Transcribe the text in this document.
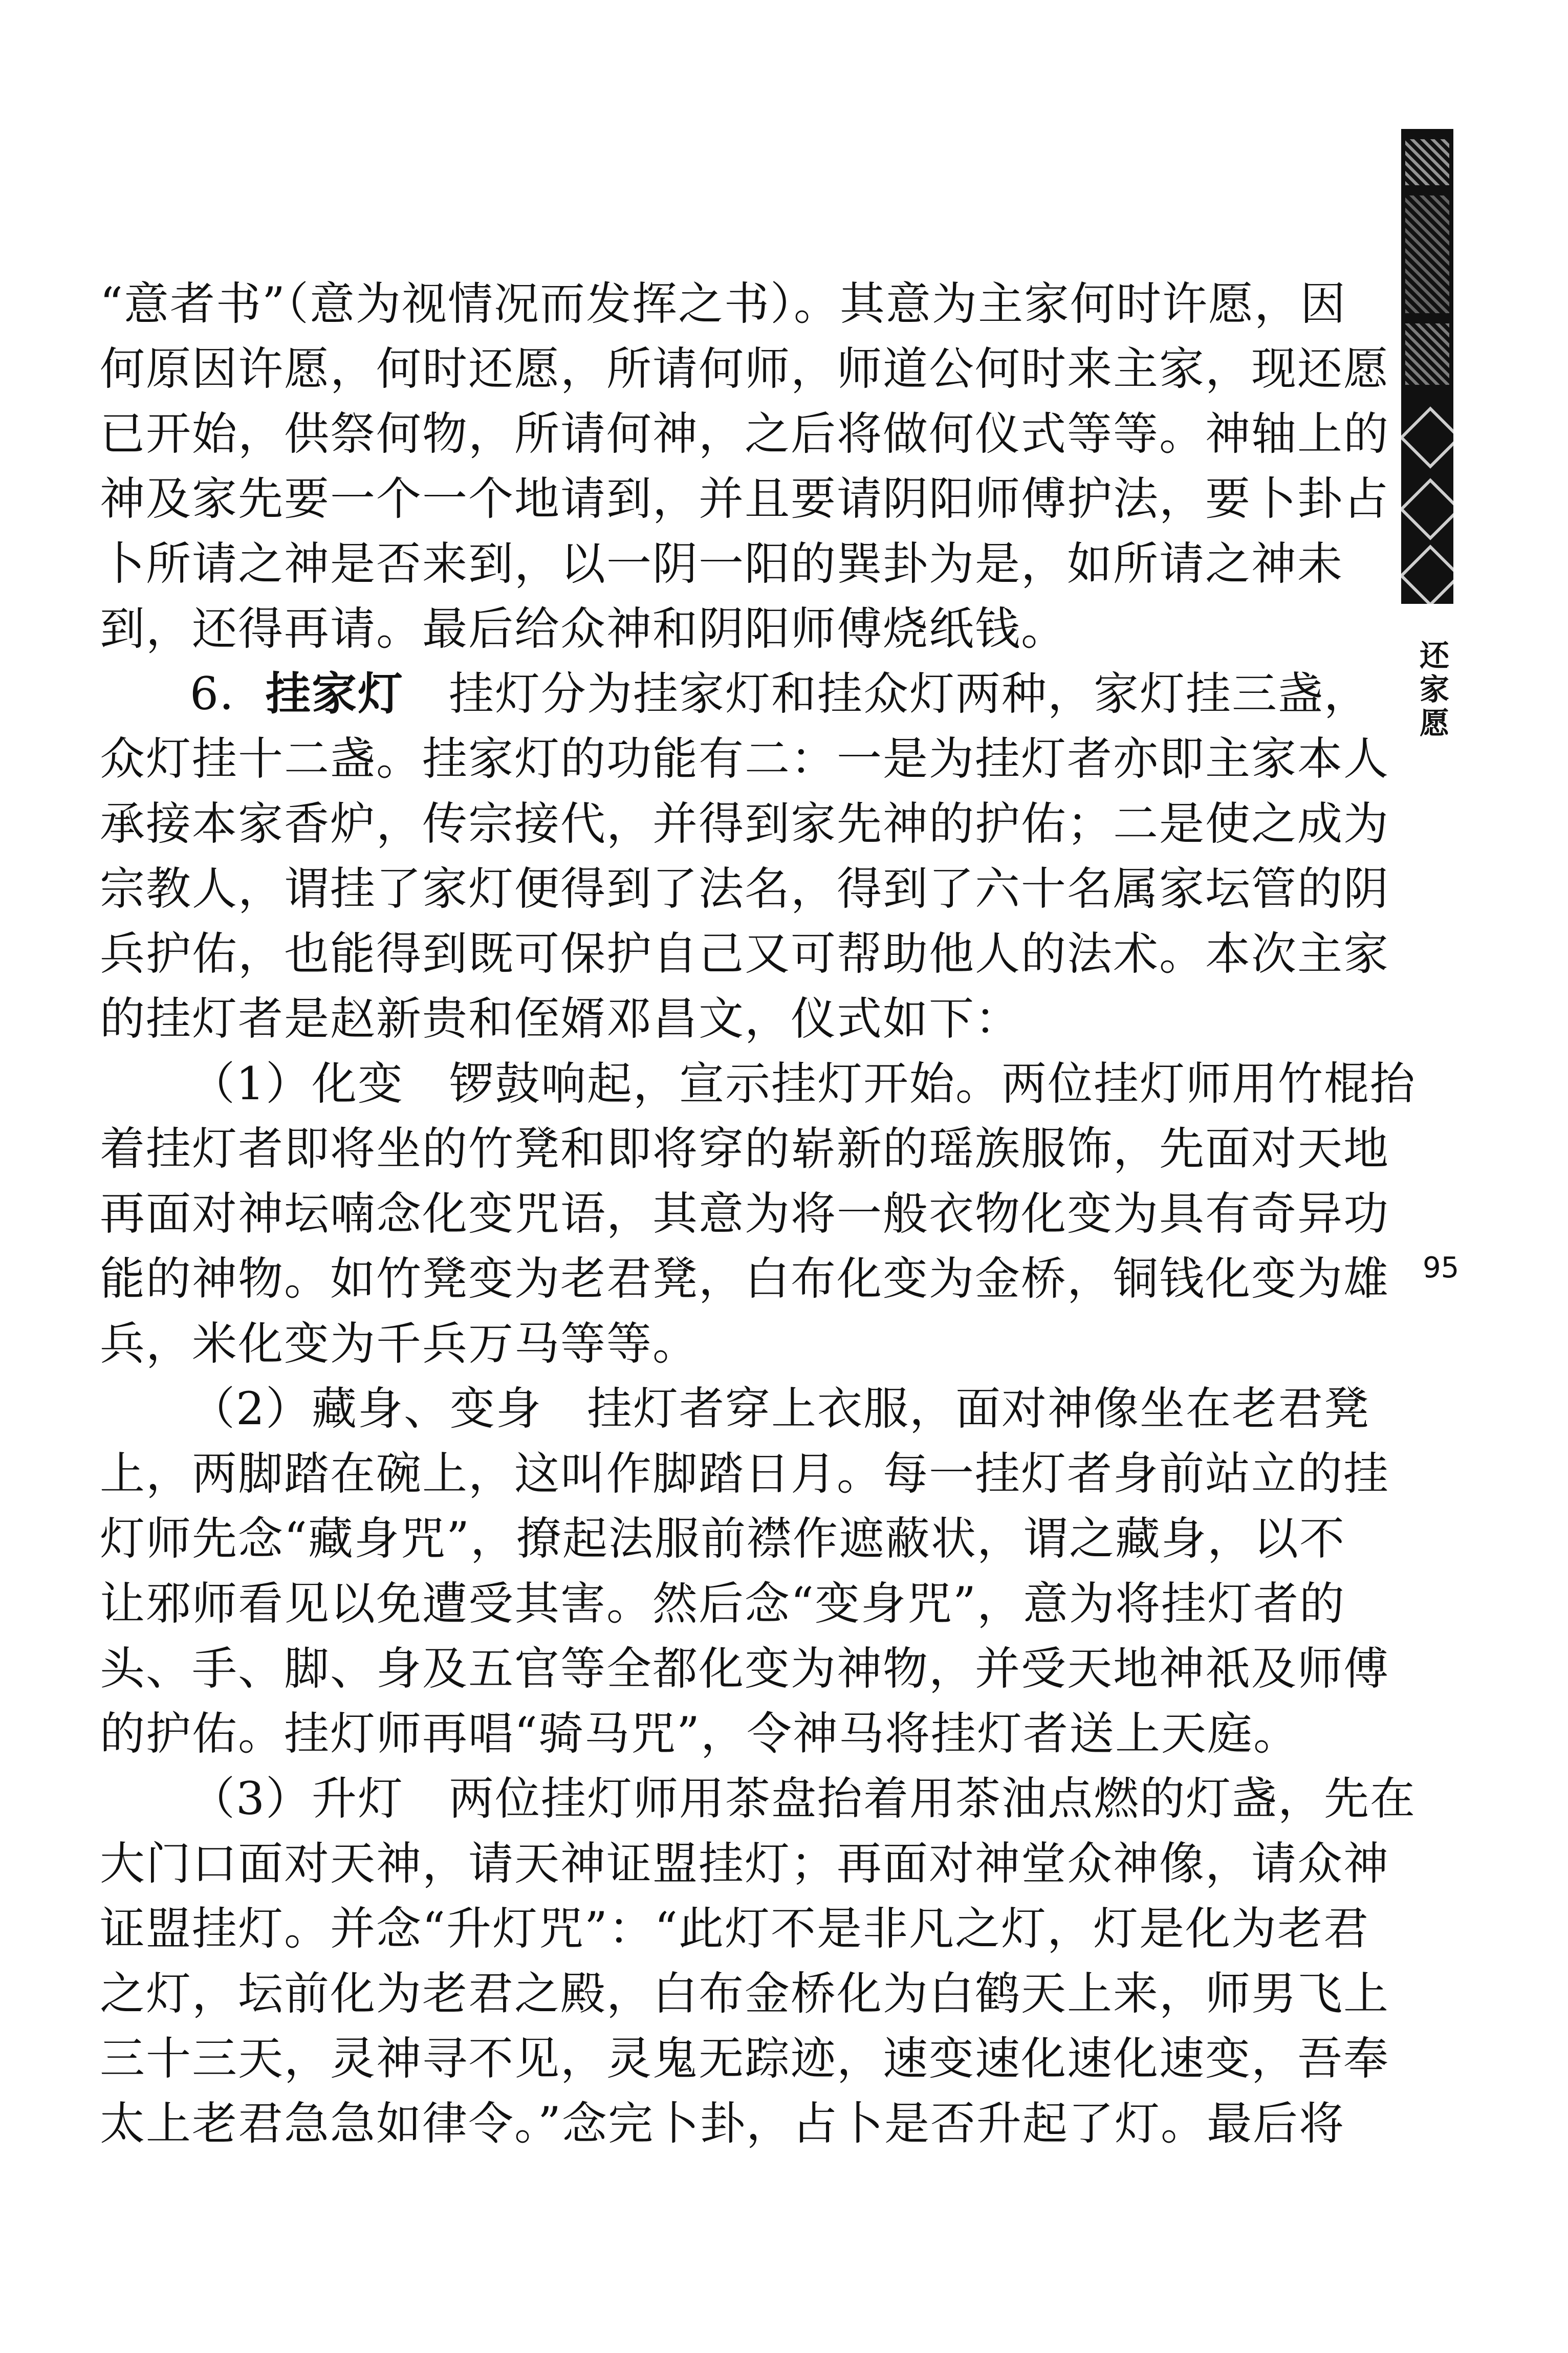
还家愿
95
“意者书”（意为视情况而发挥之书）。其意为主家何时许愿，因
何原因许愿，何时还愿，所请何师，师道公何时来主家，现还愿
已开始，供祭何物，所请何神，之后将做何仪式等等。神轴上的
神及家先要一个一个地请到，并且要请阴阳师傅护法，要卜卦占
卜所请之神是否来到，以一阴一阳的巽卦为是，如所请之神未
到，还得再请。最后给众神和阴阳师傅烧纸钱。
6．挂家灯 挂灯分为挂家灯和挂众灯两种，家灯挂三盏，
众灯挂十二盏。挂家灯的功能有二：一是为挂灯者亦即主家本人
承接本家香炉，传宗接代，并得到家先神的护佑；二是使之成为
宗教人，谓挂了家灯便得到了法名，得到了六十名属家坛管的阴
兵护佑，也能得到既可保护自己又可帮助他人的法术。本次主家
的挂灯者是赵新贵和侄婿邓昌文，仪式如下：
（1）化变 锣鼓响起，宣示挂灯开始。两位挂灯师用竹棍抬
着挂灯者即将坐的竹凳和即将穿的崭新的瑶族服饰，先面对天地
再面对神坛喃念化变咒语，其意为将一般衣物化变为具有奇异功
能的神物。如竹凳变为老君凳，白布化变为金桥，铜钱化变为雄
兵，米化变为千兵万马等等。
（2）藏身、变身 挂灯者穿上衣服，面对神像坐在老君凳
上，两脚踏在碗上，这叫作脚踏日月。每一挂灯者身前站立的挂
灯师先念“藏身咒”，撩起法服前襟作遮蔽状，谓之藏身，以不
让邪师看见以免遭受其害。然后念“变身咒”，意为将挂灯者的
头、手、脚、身及五官等全都化变为神物，并受天地神祇及师傅
的护佑。挂灯师再唱“骑马咒”，令神马将挂灯者送上天庭。
（3）升灯 两位挂灯师用茶盘抬着用茶油点燃的灯盏，先在
大门口面对天神，请天神证盟挂灯；再面对神堂众神像，请众神
证盟挂灯。并念“升灯咒”：“此灯不是非凡之灯，灯是化为老君
之灯，坛前化为老君之殿，白布金桥化为白鹤天上来，师男飞上
三十三天，灵神寻不见，灵鬼无踪迹，速变速化速化速变，吾奉
太上老君急急如律令。”念完卜卦，占卜是否升起了灯。最后将
